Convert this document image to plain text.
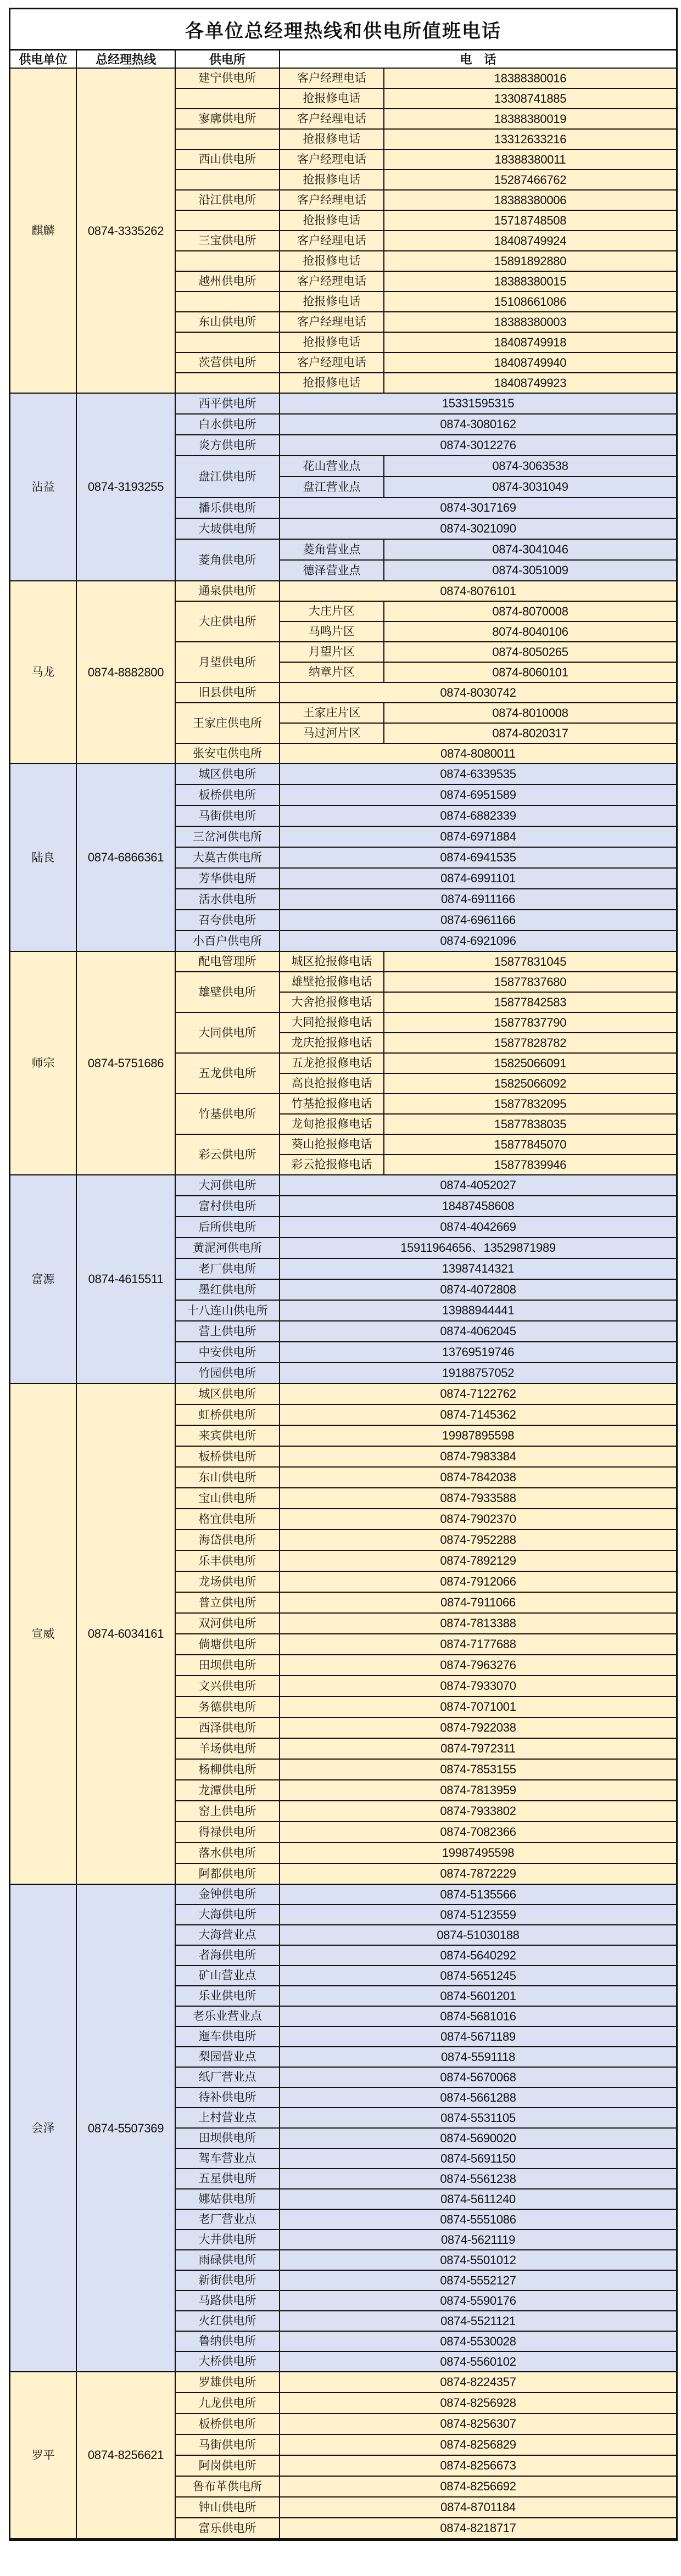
各单位总经理热线和供电所值班电话
供电单位	总经理热线	供电所	电　话	
麒麟	0874-3335262	建宁供电所	客户经理电话	18388380016
			抢报修电话	13308741885
		寥廓供电所	客户经理电话	18388380019
			抢报修电话	13312633216
		西山供电所	客户经理电话	18388380011
			抢报修电话	15287466762
		沿江供电所	客户经理电话	18388380006
			抢报修电话	15718748508
		三宝供电所	客户经理电话	18408749924
			抢报修电话	15891892880
		越州供电所	客户经理电话	18388380015
			抢报修电话	15108661086
		东山供电所	客户经理电话	18388380003
			抢报修电话	18408749918
		茨营供电所	客户经理电话	18408749940
			抢报修电话	18408749923
沾益	0874-3193255	西平供电所	15331595315	
		白水供电所	0874-3080162	
		炎方供电所	0874-3012276	
		盘江供电所	花山营业点	0874-3063538
			盘江营业点	0874-3031049
		播乐供电所	0874-3017169	
		大坡供电所	0874-3021090	
		菱角供电所	菱角营业点	0874-3041046
			德泽营业点	0874-3051009
马龙	0874-8882800	通泉供电所	0874-8076101	
		大庄供电所	大庄片区	0874-8070008
			马鸣片区	8074-8040106
		月望供电所	月望片区	0874-8050265
			纳章片区	0874-8060101
		旧县供电所	0874-8030742	
		王家庄供电所	王家庄片区	0874-8010008
			马过河片区	0874-8020317
		张安屯供电所	0874-8080011	
陆良	0874-6866361	城区供电所	0874-6339535	
		板桥供电所	0874-6951589	
		马街供电所	0874-6882339	
		三岔河供电所	0874-6971884	
		大莫古供电所	0874-6941535	
		芳华供电所	0874-6991101	
		活水供电所	0874-6911166	
		召夸供电所	0874-6961166	
		小百户供电所	0874-6921096	
师宗	0874-5751686	配电管理所	城区抢报修电话	15877831045
		雄壁供电所	雄壁抢报修电话	15877837680
			大舍抢报修电话	15877842583
		大同供电所	大同抢报修电话	15877837790
			龙庆抢报修电话	15877828782
		五龙供电所	五龙抢报修电话	15825066091
			高良抢报修电话	15825066092
		竹基供电所	竹基抢报修电话	15877832095
			龙甸抢报修电话	15877838035
		彩云供电所	葵山抢报修电话	15877845070
			彩云抢报修电话	15877839946
富源	0874-4615511	大河供电所	0874-4052027	
		富村供电所	18487458608	
		后所供电所	0874-4042669	
		黄泥河供电所	15911964656、13529871989	
		老厂供电所	13987414321	
		墨红供电所	0874-4072808	
		十八连山供电所	13988944441	
		营上供电所	0874-4062045	
		中安供电所	13769519746	
		竹园供电所	19188757052	
宣威	0874-6034161	城区供电所	0874-7122762	
		虹桥供电所	0874-7145362	
		来宾供电所	19987895598	
		板桥供电所	0874-7983384	
		东山供电所	0874-7842038	
		宝山供电所	0874-7933588	
		格宜供电所	0874-7902370	
		海岱供电所	0874-7952288	
		乐丰供电所	0874-7892129	
		龙场供电所	0874-7912066	
		普立供电所	0874-7911066	
		双河供电所	0874-7813388	
		倘塘供电所	0874-7177688	
		田坝供电所	0874-7963276	
		文兴供电所	0874-7933070	
		务德供电所	0874-7071001	
		西泽供电所	0874-7922038	
		羊场供电所	0874-7972311	
		杨柳供电所	0874-7853155	
		龙潭供电所	0874-7813959	
		窑上供电所	0874-7933802	
		得禄供电所	0874-7082366	
		落水供电所	19987495598	
		阿都供电所	0874-7872229	
会泽	0874-5507369	金钟供电所	0874-5135566	
		大海供电所	0874-5123559	
		大海营业点	0874-51030188	
		者海供电所	0874-5640292	
		矿山营业点	0874-5651245	
		乐业供电所	0874-5601201	
		老乐业营业点	0874-5681016	
		迤车供电所	0874-5671189	
		梨园营业点	0874-5591118	
		纸厂营业点	0874-5670068	
		待补供电所	0874-5661288	
		上村营业点	0874-5531105	
		田坝供电所	0874-5690020	
		驾车营业点	0874-5691150	
		五星供电所	0874-5561238	
		娜姑供电所	0874-5611240	
		老厂营业点	0874-5551086	
		大井供电所	0874-5621119	
		雨碌供电所	0874-5501012	
		新街供电所	0874-5552127	
		马路供电所	0874-5590176	
		火红供电所	0874-5521121	
		鲁纳供电所	0874-5530028	
		大桥供电所	0874-5560102	
罗平	0874-8256621	罗雄供电所	0874-8224357	
		九龙供电所	0874-8256928	
		板桥供电所	0874-8256307	
		马街供电所	0874-8256829	
		阿岗供电所	0874-8256673	
		鲁布革供电所	0874-8256692	
		钟山供电所	0874-8701184	
		富乐供电所	0874-8218717	
